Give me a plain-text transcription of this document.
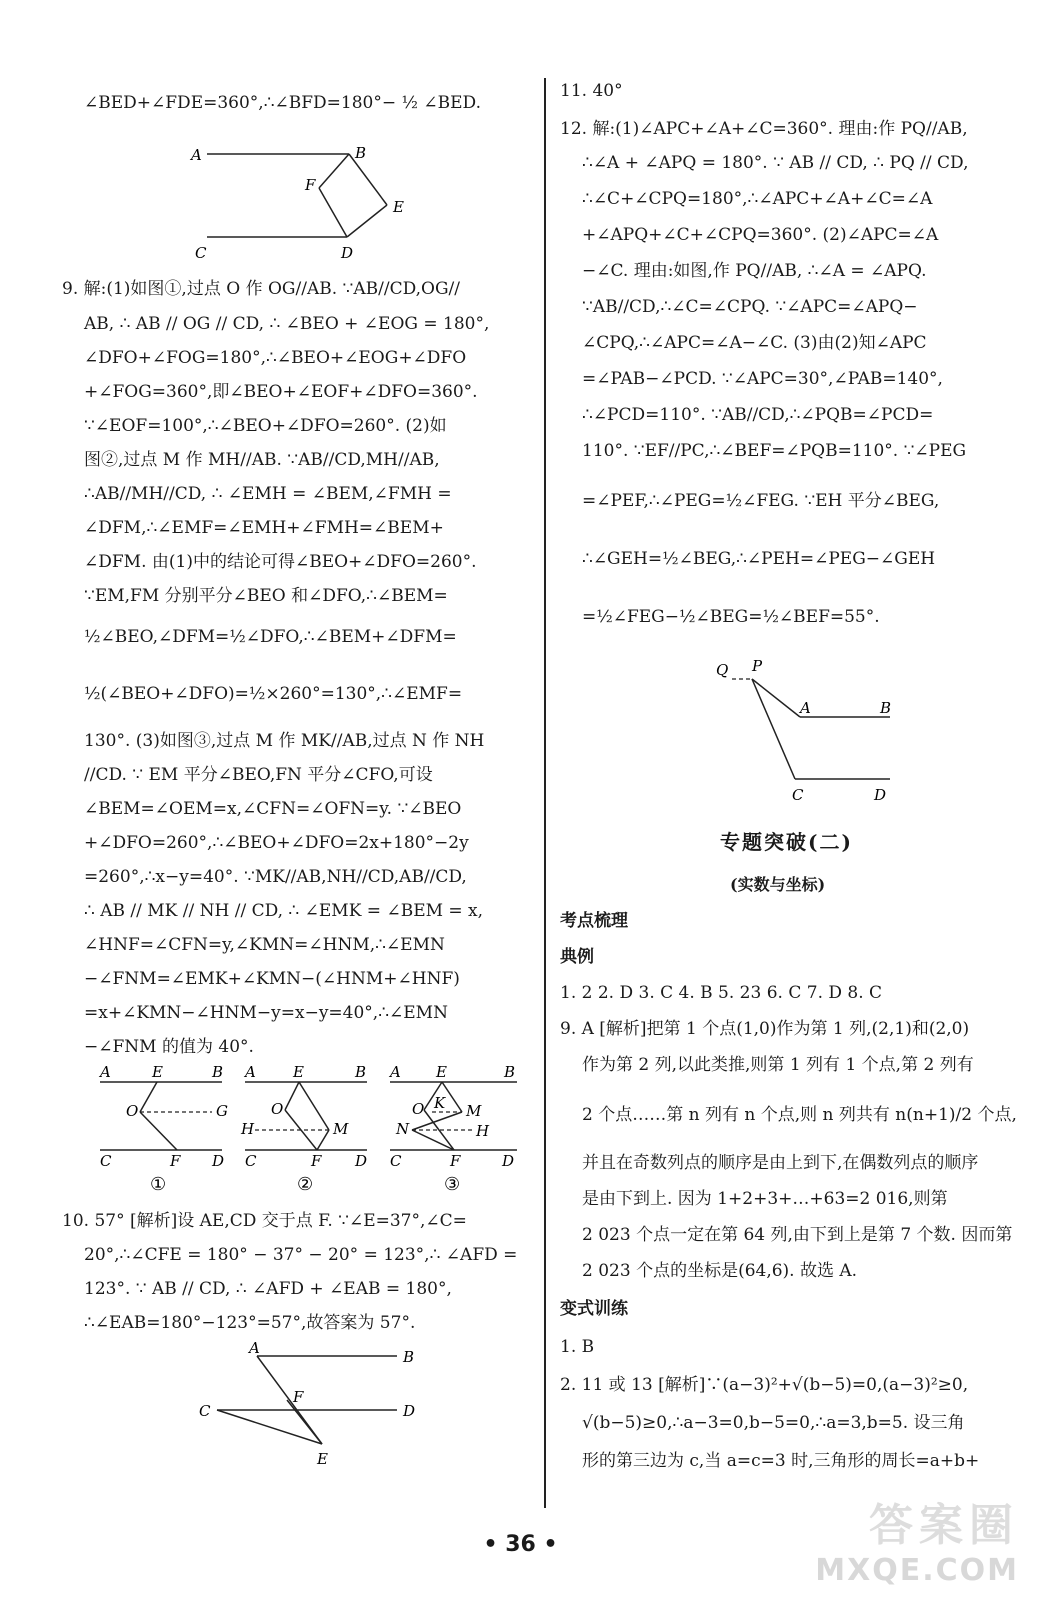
∠BED+∠FDE=360°,∴∠BFD=180°− ½ ∠BED.
A	B
F
E
C	D
9. 解:(1)如图①,过点 O 作 OG//AB. ∵AB//CD,OG//
AB, ∴ AB // OG // CD, ∴ ∠BEO + ∠EOG = 180°,
∠DFO+∠FOG=180°,∴∠BEO+∠EOG+∠DFO
+∠FOG=360°,即∠BEO+∠EOF+∠DFO=360°.
∵∠EOF=100°,∴∠BEO+∠DFO=260°. (2)如
图②,过点 M 作 MH//AB. ∵AB//CD,MH//AB,
∴AB//MH//CD, ∴ ∠EMH = ∠BEM,∠FMH =
∠DFM,∴∠EMF=∠EMH+∠FMH=∠BEM+
∠DFM. 由(1)中的结论可得∠BEO+∠DFO=260°.
∵EM,FM 分别平分∠BEO 和∠DFO,∴∠BEM=
½∠BEO,∠DFM=½∠DFO,∴∠BEM+∠DFM=
½(∠BEO+∠DFO)=½×260°=130°,∴∠EMF=
130°. (3)如图③,过点 M 作 MK//AB,过点 N 作 NH
//CD. ∵ EM 平分∠BEO,FN 平分∠CFO,可设
∠BEM=∠OEM=x,∠CFN=∠OFN=y. ∵∠BEO
+∠DFO=260°,∴∠BEO+∠DFO=2x+180°−2y
=260°,∴x−y=40°. ∵MK//AB,NH//CD,AB//CD,
∴ AB // MK // NH // CD, ∴ ∠EMK = ∠BEM = x,
∠HNF=∠CFN=y,∠KMN=∠HNM,∴∠EMN
−∠FNM=∠EMK+∠KMN−(∠HNM+∠HNF)
=x+∠KMN−∠HNM−y=x−y=40°,∴∠EMN
−∠FNM 的值为 40°.
A	E	B
O	G
C	F D
A E	B
O
H	M
C	F D
A E	B
O K M
N	H
C	F	D
①	②	③
10. 57° [解析]设 AE,CD 交于点 F. ∵∠E=37°,∠C=
20°,∴∠CFE = 180° − 37° − 20° = 123°,∴ ∠AFD =
123°. ∵ AB // CD, ∴ ∠AFD + ∠EAB = 180°,
∴∠EAB=180°−123°=57°,故答案为 57°.
A	B
C	D
F
E
11. 40°
12. 解:(1)∠APC+∠A+∠C=360°. 理由:作 PQ//AB,
∴∠A + ∠APQ = 180°. ∵ AB // CD, ∴ PQ // CD,
∴∠C+∠CPQ=180°,∴∠APC+∠A+∠C=∠A
+∠APQ+∠C+∠CPQ=360°. (2)∠APC=∠A
−∠C. 理由:如图,作 PQ//AB, ∴∠A = ∠APQ.
∵AB//CD,∴∠C=∠CPQ. ∵∠APC=∠APQ−
∠CPQ,∴∠APC=∠A−∠C. (3)由(2)知∠APC
=∠PAB−∠PCD. ∵∠APC=30°,∠PAB=140°,
∴∠PCD=110°. ∵AB//CD,∴∠PQB=∠PCD=
110°. ∵EF//PC,∴∠BEF=∠PQB=110°. ∵∠PEG
=∠PEF,∴∠PEG=½∠FEG. ∵EH 平分∠BEG,
∴∠GEH=½∠BEG,∴∠PEH=∠PEG−∠GEH
=½∠FEG−½∠BEG=½∠BEF=55°.
Q P
A	B
C	D
专题突破(二)
(实数与坐标)
考点梳理
典例
1. 2 2. D 3. C 4. B 5. 23 6. C 7. D 8. C
9. A [解析]把第 1 个点(1,0)作为第 1 列,(2,1)和(2,0)
作为第 2 列,以此类推,则第 1 列有 1 个点,第 2 列有
2 个点……第 n 列有 n 个点,则 n 列共有 n(n+1)/2 个点,
并且在奇数列点的顺序是由上到下,在偶数列点的顺序
是由下到上. 因为 1+2+3+…+63=2 016,则第
2 023 个点一定在第 64 列,由下到上是第 7 个数. 因而第
2 023 个点的坐标是(64,6). 故选 A.
变式训练
1. B
2. 11 或 13 [解析]∵(a−3)²+√(b−5)=0,(a−3)²≥0,
√(b−5)≥0,∴a−3=0,b−5=0,∴a=3,b=5. 设三角
形的第三边为 c,当 a=c=3 时,三角形的周长=a+b+
• 36 •	答案圈
MXQE.COM
